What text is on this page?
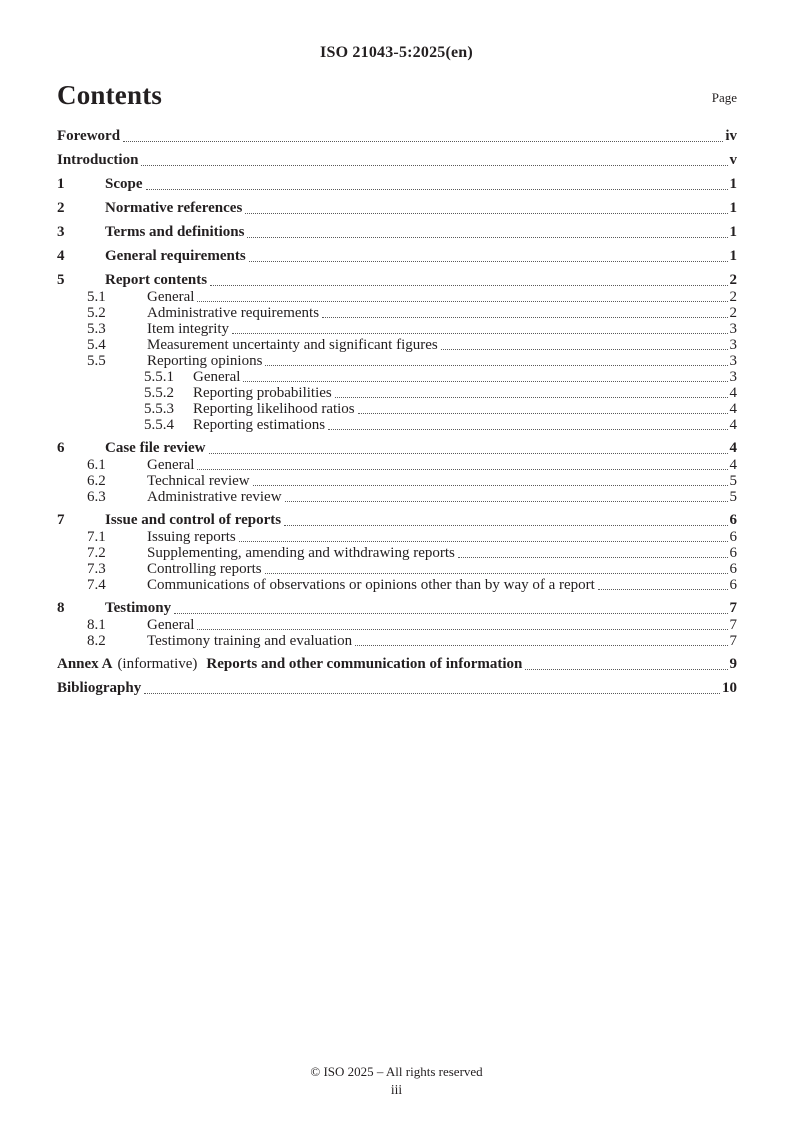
ISO 21043-5:2025(en)
Contents	Page
Foreword	iv
Introduction	v
1	Scope	1
2	Normative references	1
3	Terms and definitions	1
4	General requirements	1
5	Report contents	2
5.1	General	2
5.2	Administrative requirements	2
5.3	Item integrity	3
5.4	Measurement uncertainty and significant figures	3
5.5	Reporting opinions	3
5.5.1	General	3
5.5.2	Reporting probabilities	4
5.5.3	Reporting likelihood ratios	4
5.5.4	Reporting estimations	4
6	Case file review	4
6.1	General	4
6.2	Technical review	5
6.3	Administrative review	5
7	Issue and control of reports	6
7.1	Issuing reports	6
7.2	Supplementing, amending and withdrawing reports	6
7.3	Controlling reports	6
7.4	Communications of observations or opinions other than by way of a report	6
8	Testimony	7
8.1	General	7
8.2	Testimony training and evaluation	7
Annex A (informative) Reports and other communication of information	9
Bibliography	10
© ISO 2025 – All rights reserved
iii
